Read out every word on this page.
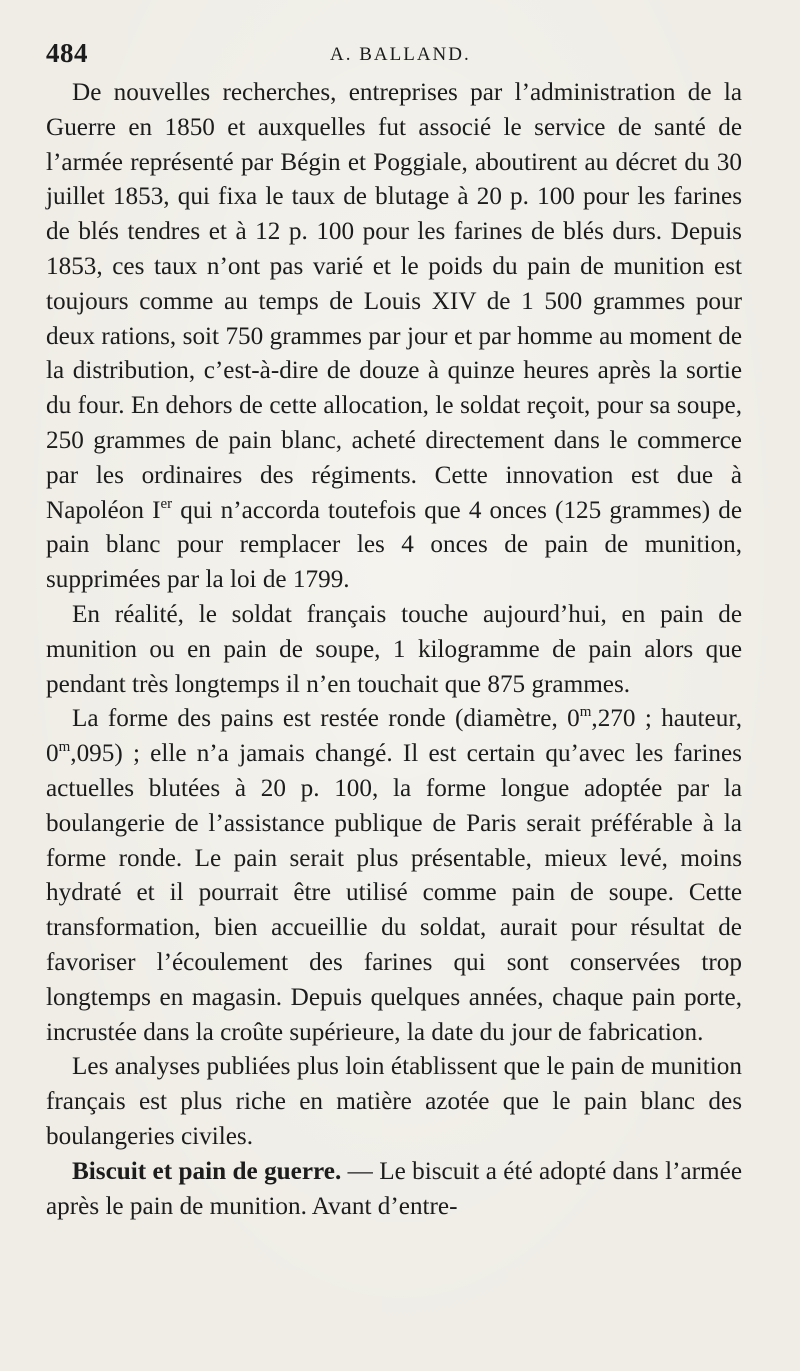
484	A. BALLAND.

De nouvelles recherches, entreprises par l’administration de la Guerre en 1850 et auxquelles fut associé le service de santé de l’armée représenté par Bégin et Poggiale, aboutirent au décret du 30 juillet 1853, qui fixa le taux de blutage à 20 p. 100 pour les farines de blés tendres et à 12 p. 100 pour les farines de blés durs. Depuis 1853, ces taux n’ont pas varié et le poids du pain de munition est toujours comme au temps de Louis XIV de 1 500 grammes pour deux rations, soit 750 grammes par jour et par homme au moment de la distribution, c’est-à-dire de douze à quinze heures après la sortie du four. En dehors de cette allocation, le soldat reçoit, pour sa soupe, 250 grammes de pain blanc, acheté directement dans le commerce par les ordinaires des régiments. Cette innovation est due à Napoléon Ier qui n’accorda toutefois que 4 onces (125 grammes) de pain blanc pour remplacer les 4 onces de pain de munition, supprimées par la loi de 1799.

En réalité, le soldat français touche aujourd’hui, en pain de munition ou en pain de soupe, 1 kilogramme de pain alors que pendant très longtemps il n’en touchait que 875 grammes.

La forme des pains est restée ronde (diamètre, 0$^m$,270 ; hauteur, 0$^m$,095) ; elle n’a jamais changé. Il est certain qu’avec les farines actuelles blutées à 20 p. 100, la forme longue adoptée par la boulangerie de l’assistance publique de Paris serait préférable à la forme ronde. Le pain serait plus présentable, mieux levé, moins hydraté et il pourrait être utilisé comme pain de soupe. Cette transformation, bien accueillie du soldat, aurait pour résultat de favoriser l’écoulement des farines qui sont conservées trop longtemps en magasin. Depuis quelques années, chaque pain porte, incrustée dans la croûte supérieure, la date du jour de fabrication.

Les analyses publiées plus loin établissent que le pain de munition français est plus riche en matière azotée que le pain blanc des boulangeries civiles.

Biscuit et pain de guerre. — Le biscuit a été adopté dans l’armée après le pain de munition. Avant d’entre-
